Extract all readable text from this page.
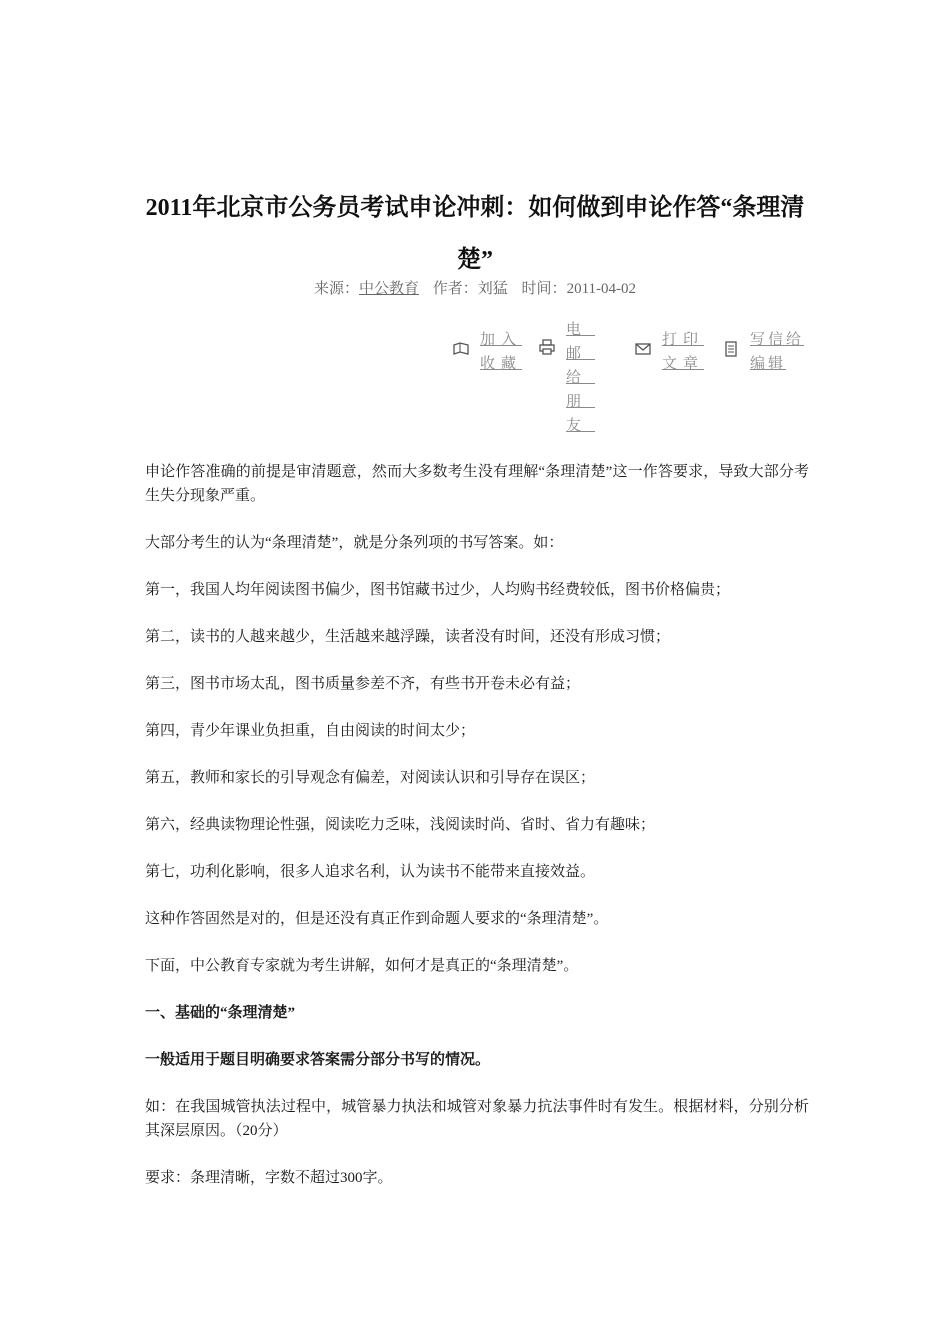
2011年北京市公务员考试申论冲刺：如何做到申论作答“条理清楚”
来源：中公教育 作者：刘猛 时间：2011-04-02
加入收藏
电邮给朋友
打印文章
写信给编辑

申论作答准确的前提是审清题意，然而大多数考生没有理解“条理清楚”这一作答要求，导致大部分考生失分现象严重。

大部分考生的认为“条理清楚”，就是分条列项的书写答案。如：

第一，我国人均年阅读图书偏少，图书馆藏书过少，人均购书经费较低，图书价格偏贵；

第二，读书的人越来越少，生活越来越浮躁，读者没有时间，还没有形成习惯；

第三，图书市场太乱，图书质量参差不齐，有些书开卷未必有益；

第四，青少年课业负担重，自由阅读的时间太少；

第五，教师和家长的引导观念有偏差，对阅读认识和引导存在误区；

第六，经典读物理论性强，阅读吃力乏味，浅阅读时尚、省时、省力有趣味；

第七，功利化影响，很多人追求名利，认为读书不能带来直接效益。

这种作答固然是对的，但是还没有真正作到命题人要求的“条理清楚”。

下面，中公教育专家就为考生讲解，如何才是真正的“条理清楚”。

一、基础的“条理清楚”

一般适用于题目明确要求答案需分部分书写的情况。

如：在我国城管执法过程中，城管暴力执法和城管对象暴力抗法事件时有发生。根据材料，分别分析其深层原因。（20分）

要求：条理清晰，字数不超过300字。
